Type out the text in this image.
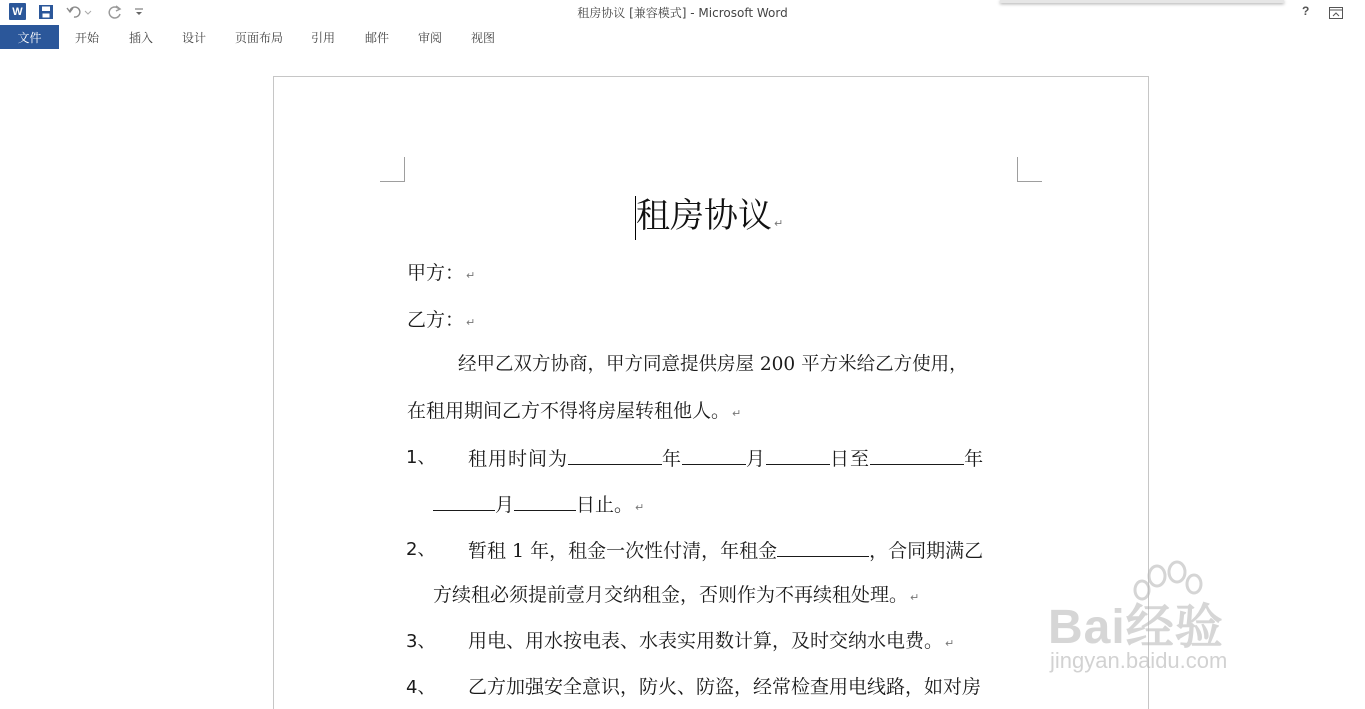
W	租房协议 [兼容模式] - Microsoft Word	?
文件	开始 插入 设计 页面布局 引用 邮件 审阅 视图
租房协议 ↵
甲方： ↵
乙方： ↵
经甲乙双方协商，甲方同意提供房屋 200 平方米给乙方使用，
在租用期间乙方不得将房屋转租他人。 ↵
1、 租用时间为	年	月	日至	年
月	日止。 ↵
2、 暂租 1 年，租金一次性付清，年租金	，合同期满乙
方续租必须提前壹月交纳租金，否则作为不再续租处理。 ↵
3、 用电、用水按电表、水表实用数计算，及时交纳水电费。 ↵
4、 乙方加强安全意识，防火、防盗，经常检查用电线路，如对房
Bai经验
jingyan.baidu.com
